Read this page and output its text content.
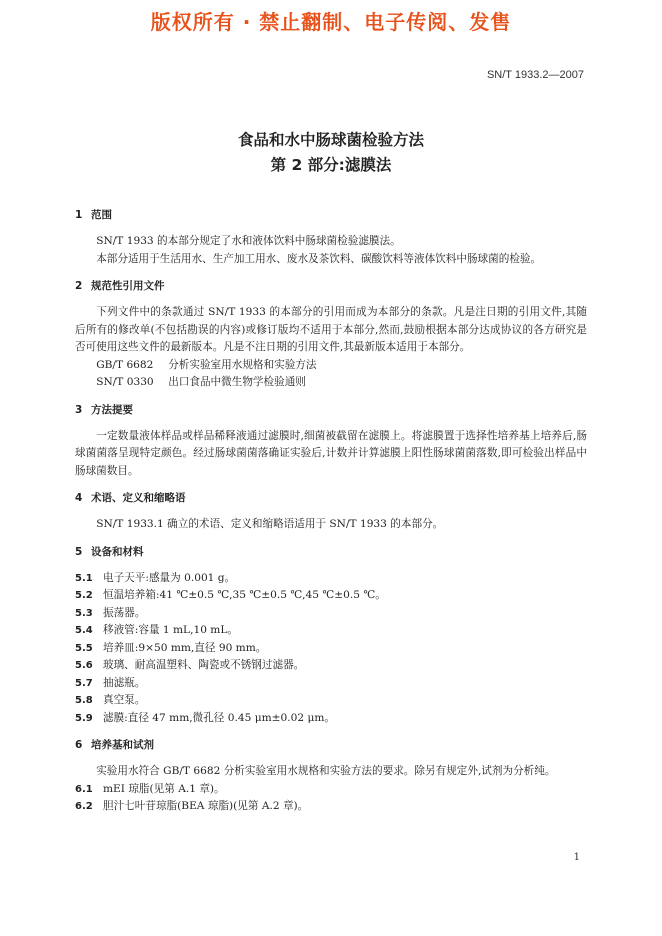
版权所有 · 禁止翻制、电子传阅、发售
SN/T 1933.2—2007
食品和水中肠球菌检验方法
第 2 部分:滤膜法
1 范围

SN/T 1933 的本部分规定了水和液体饮料中肠球菌检验滤膜法。

本部分适用于生活用水、生产加工用水、废水及茶饮料、碳酸饮料等液体饮料中肠球菌的检验。

2 规范性引用文件

下列文件中的条款通过 SN/T 1933 的本部分的引用而成为本部分的条款。凡是注日期的引用文件,其随后所有的修改单(不包括勘误的内容)或修订版均不适用于本部分,然而,鼓励根据本部分达成协议的各方研究是否可使用这些文件的最新版本。凡是不注日期的引用文件,其最新版本适用于本部分。

GB/T 6682 分析实验室用水规格和实验方法

SN/T 0330 出口食品中微生物学检验通则

3 方法提要

一定数量液体样品或样品稀释液通过滤膜时,细菌被截留在滤膜上。将滤膜置于选择性培养基上培养后,肠球菌菌落呈现特定颜色。经过肠球菌菌落确证实验后,计数并计算滤膜上阳性肠球菌菌落数,即可检验出样品中肠球菌数目。

4 术语、定义和缩略语

SN/T 1933.1 确立的术语、定义和缩略语适用于 SN/T 1933 的本部分。

5 设备和材料

5.1 电子天平:感量为 0.001 g。

5.2 恒温培养箱:41 ℃±0.5 ℃,35 ℃±0.5 ℃,45 ℃±0.5 ℃。

5.3 振荡器。

5.4 移液管:容量 1 mL,10 mL。

5.5 培养皿:9×50 mm,直径 90 mm。

5.6 玻璃、耐高温塑料、陶瓷或不锈钢过滤器。

5.7 抽滤瓶。

5.8 真空泵。

5.9 滤膜:直径 47 mm,微孔径 0.45 μm±0.02 μm。

6 培养基和试剂

实验用水符合 GB/T 6682 分析实验室用水规格和实验方法的要求。除另有规定外,试剂为分析纯。

6.1 mEI 琼脂(见第 A.1 章)。

6.2 胆汁七叶苷琼脂(BEA 琼脂)(见第 A.2 章)。

1
